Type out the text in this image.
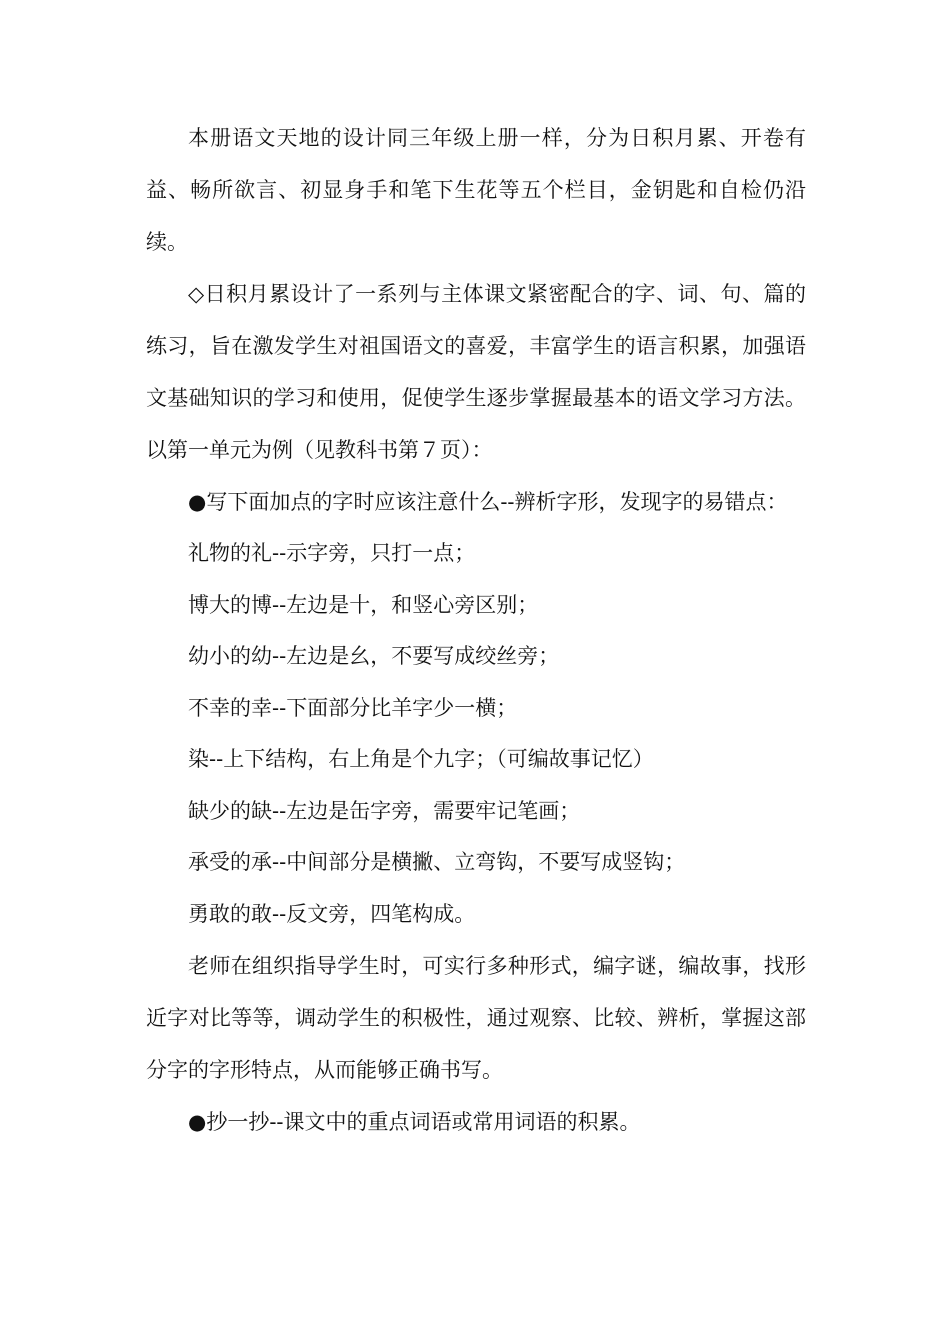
本册语文天地的设计同三年级上册一样，分为日积月累、开卷有益、畅所欲言、初显身手和笔下生花等五个栏目，金钥匙和自检仍沿续。

◇日积月累设计了一系列与主体课文紧密配合的字、词、句、篇的练习，旨在激发学生对祖国语文的喜爱，丰富学生的语言积累，加强语文基础知识的学习和使用，促使学生逐步掌握最基本的语文学习方法。以第一单元为例（见教科书第７页）：

●写下面加点的字时应该注意什么--辨析字形，发现字的易错点：

礼物的礼--示字旁，只打一点；

博大的博--左边是十，和竖心旁区别；

幼小的幼--左边是幺，不要写成绞丝旁；

不幸的幸--下面部分比羊字少一横；

染--上下结构，右上角是个九字；（可编故事记忆）

缺少的缺--左边是缶字旁，需要牢记笔画；

承受的承--中间部分是横撇、立弯钩，不要写成竖钩；

勇敢的敢--反文旁，四笔构成。

老师在组织指导学生时，可实行多种形式，编字谜，编故事，找形近字对比等等，调动学生的积极性，通过观察、比较、辨析，掌握这部分字的字形特点，从而能够正确书写。

●抄一抄--课文中的重点词语或常用词语的积累。
